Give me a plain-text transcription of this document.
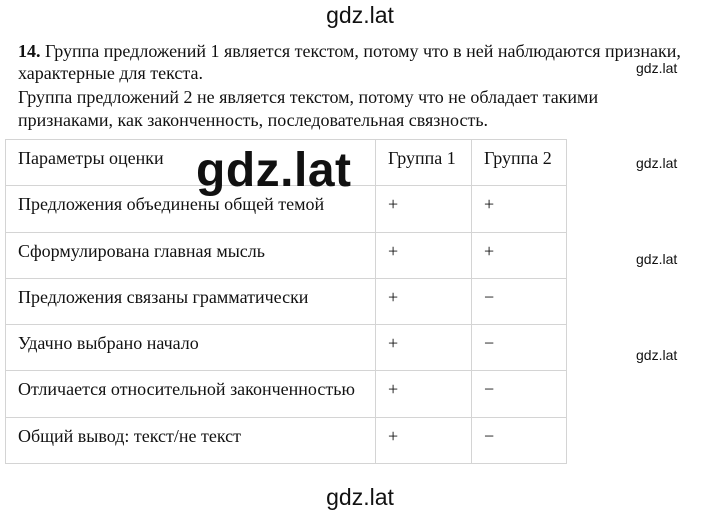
gdz.lat
14. Группа предложений 1 является текстом, потому что в ней наблюдаются признаки,
характерные для текста.
Группа предложений 2 не является текстом, потому что не обладает такими
признаками, как законченность, последовательная связность.
gdz.lat
Параметры оценки	Группа 1	Группа 2
Предложения объединены общей темой	+	+
Сформулирована главная мысль	+	+
Предложения связаны грамматически	+	−
Удачно выбрано начало	+	−
Отличается относительной законченностью	+	−
Общий вывод: текст/не текст	+	−
gdz.lat	gdz.lat
gdz.lat
gdz.lat
gdz.lat
